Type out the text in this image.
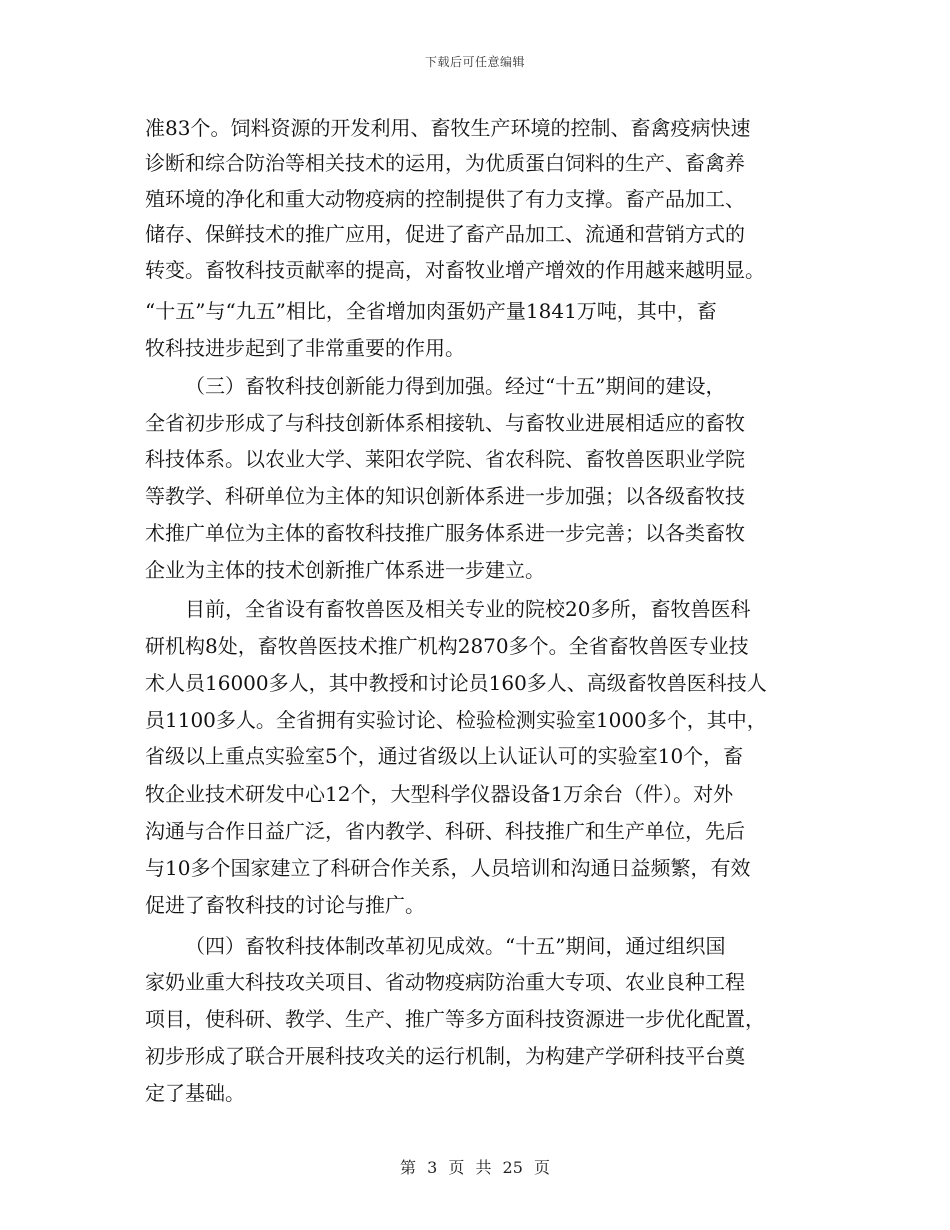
下载后可任意编辑
准83个。饲料资源的开发利用、畜牧生产环境的控制、畜禽疫病快速
诊断和综合防治等相关技术的运用，为优质蛋白饲料的生产、畜禽养
殖环境的净化和重大动物疫病的控制提供了有力支撑。畜产品加工、
储存、保鲜技术的推广应用，促进了畜产品加工、流通和营销方式的
转变。畜牧科技贡献率的提高，对畜牧业增产增效的作用越来越明显。
“十五”与“九五”相比，全省增加肉蛋奶产量1841万吨，其中，畜
牧科技进步起到了非常重要的作用。
（三）畜牧科技创新能力得到加强。经过“十五”期间的建设，
全省初步形成了与科技创新体系相接轨、与畜牧业进展相适应的畜牧
科技体系。以农业大学、莱阳农学院、省农科院、畜牧兽医职业学院
等教学、科研单位为主体的知识创新体系进一步加强；以各级畜牧技
术推广单位为主体的畜牧科技推广服务体系进一步完善；以各类畜牧
企业为主体的技术创新推广体系进一步建立。
目前，全省设有畜牧兽医及相关专业的院校20多所，畜牧兽医科
研机构8处，畜牧兽医技术推广机构2870多个。全省畜牧兽医专业技
术人员16000多人，其中教授和讨论员160多人、高级畜牧兽医科技人
员1100多人。全省拥有实验讨论、检验检测实验室1000多个，其中，
省级以上重点实验室5个，通过省级以上认证认可的实验室10个，畜
牧企业技术研发中心12个，大型科学仪器设备1万余台（件）。对外
沟通与合作日益广泛，省内教学、科研、科技推广和生产单位，先后
与10多个国家建立了科研合作关系，人员培训和沟通日益频繁，有效
促进了畜牧科技的讨论与推广。
（四）畜牧科技体制改革初见成效。“十五”期间，通过组织国
家奶业重大科技攻关项目、省动物疫病防治重大专项、农业良种工程
项目，使科研、教学、生产、推广等多方面科技资源进一步优化配置，
初步形成了联合开展科技攻关的运行机制，为构建产学研科技平台奠
定了基础。
第 3 页 共 25 页
